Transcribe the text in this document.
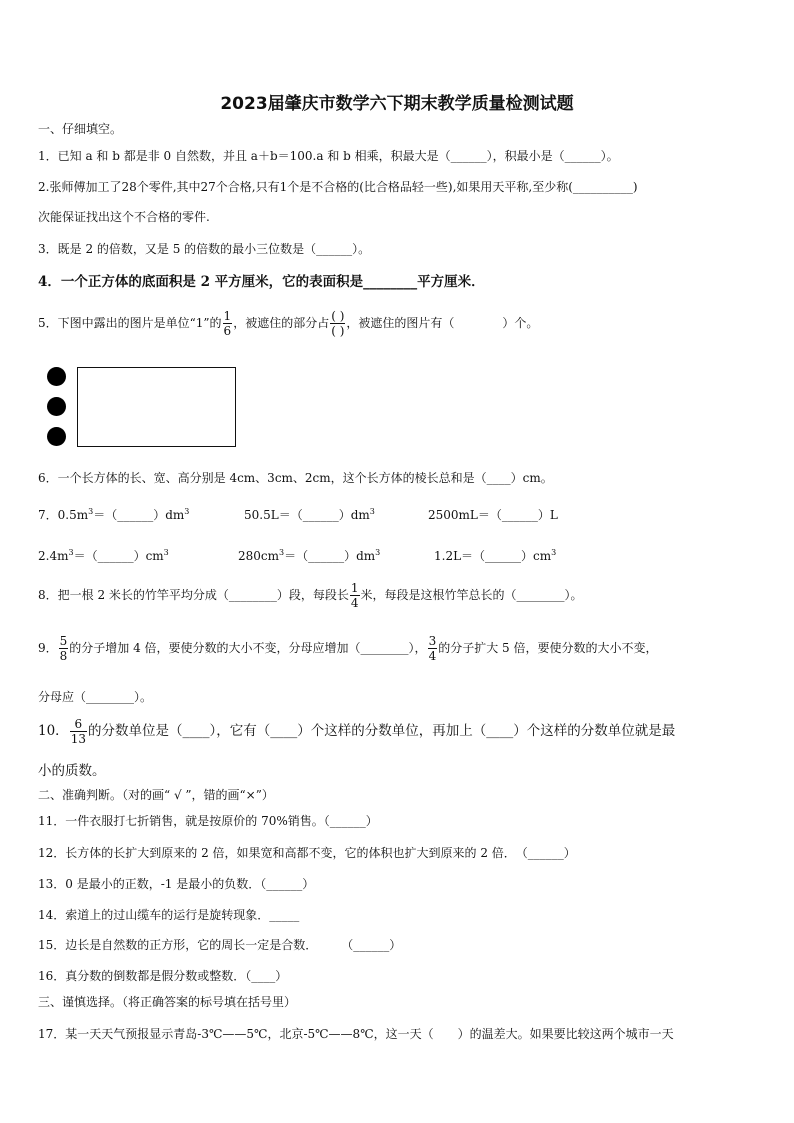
2023届肇庆市数学六下期末教学质量检测试题
一、仔细填空。
1．已知 a 和 b 都是非 0 自然数，并且 a＋b＝100.a 和 b 相乘，积最大是（______），积最小是（______）。
2.张师傅加工了28个零件,其中27个合格,只有1个是不合格的(比合格品轻一些),如果用天平称,至少称(__________)
次能保证找出这个不合格的零件.
3．既是 2 的倍数，又是 5 的倍数的最小三位数是（______）。
4．一个正方体的底面积是 2 平方厘米，它的表面积是________平方厘米．
5．下图中露出的图片是单位“1”的 $\frac{1}{6}$ ，被遮住的部分占 $\frac{( )}{( )}$ ，被遮住的图片有（　　　　）个。
6．一个长方体的长、宽、高分别是 4cm、3cm、2cm，这个长方体的棱长总和是（____）cm。
7．$0.5m^3=(\_\_\_\_\_\_)dm^3$	$50.5L=(\_\_\_\_\_\_)dm^3$	2500mL＝（______）L
$2.4m^3=(\_\_\_\_\_\_)cm^3$	$280cm^3=(\_\_\_\_\_\_)dm^3$	$1.2L=(\_\_\_\_\_\_)cm^3$
8．把一根 2 米长的竹竿平均分成（________）段，每段长 $\frac{1}{4}$ 米，每段是这根竹竿总长的（________）。
9． $\frac{5}{8}$ 的分子增加 4 倍，要使分数的大小不变，分母应增加（________）， $\frac{3}{4}$ 的分子扩大 5 倍，要使分数的大小不变，
分母应（________）。
10． $\frac{6}{13}$ 的分数单位是（____），它有（____）个这样的分数单位，再加上（____）个这样的分数单位就是最
小的质数。
二、准确判断。（对的画“ √ ”，错的画“×”）
11．一件衣服打七折销售，就是按原价的 70%销售。（______）
12．长方体的长扩大到原来的 2 倍，如果宽和高都不变，它的体积也扩大到原来的 2 倍．　（______）
13．0 是最小的正数，-1 是最小的负数．（______）
14．索道上的过山缆车的运行是旋转现象．_____
15．边长是自然数的正方形，它的周长一定是合数．　　　（______）
16．真分数的倒数都是假分数或整数．（____）
三、谨慎选择。（将正确答案的标号填在括号里）
17．某一天天气预报显示青岛-3℃——5℃，北京-5℃——8℃，这一天（　　）的温差大。如果要比较这两个城市一天
